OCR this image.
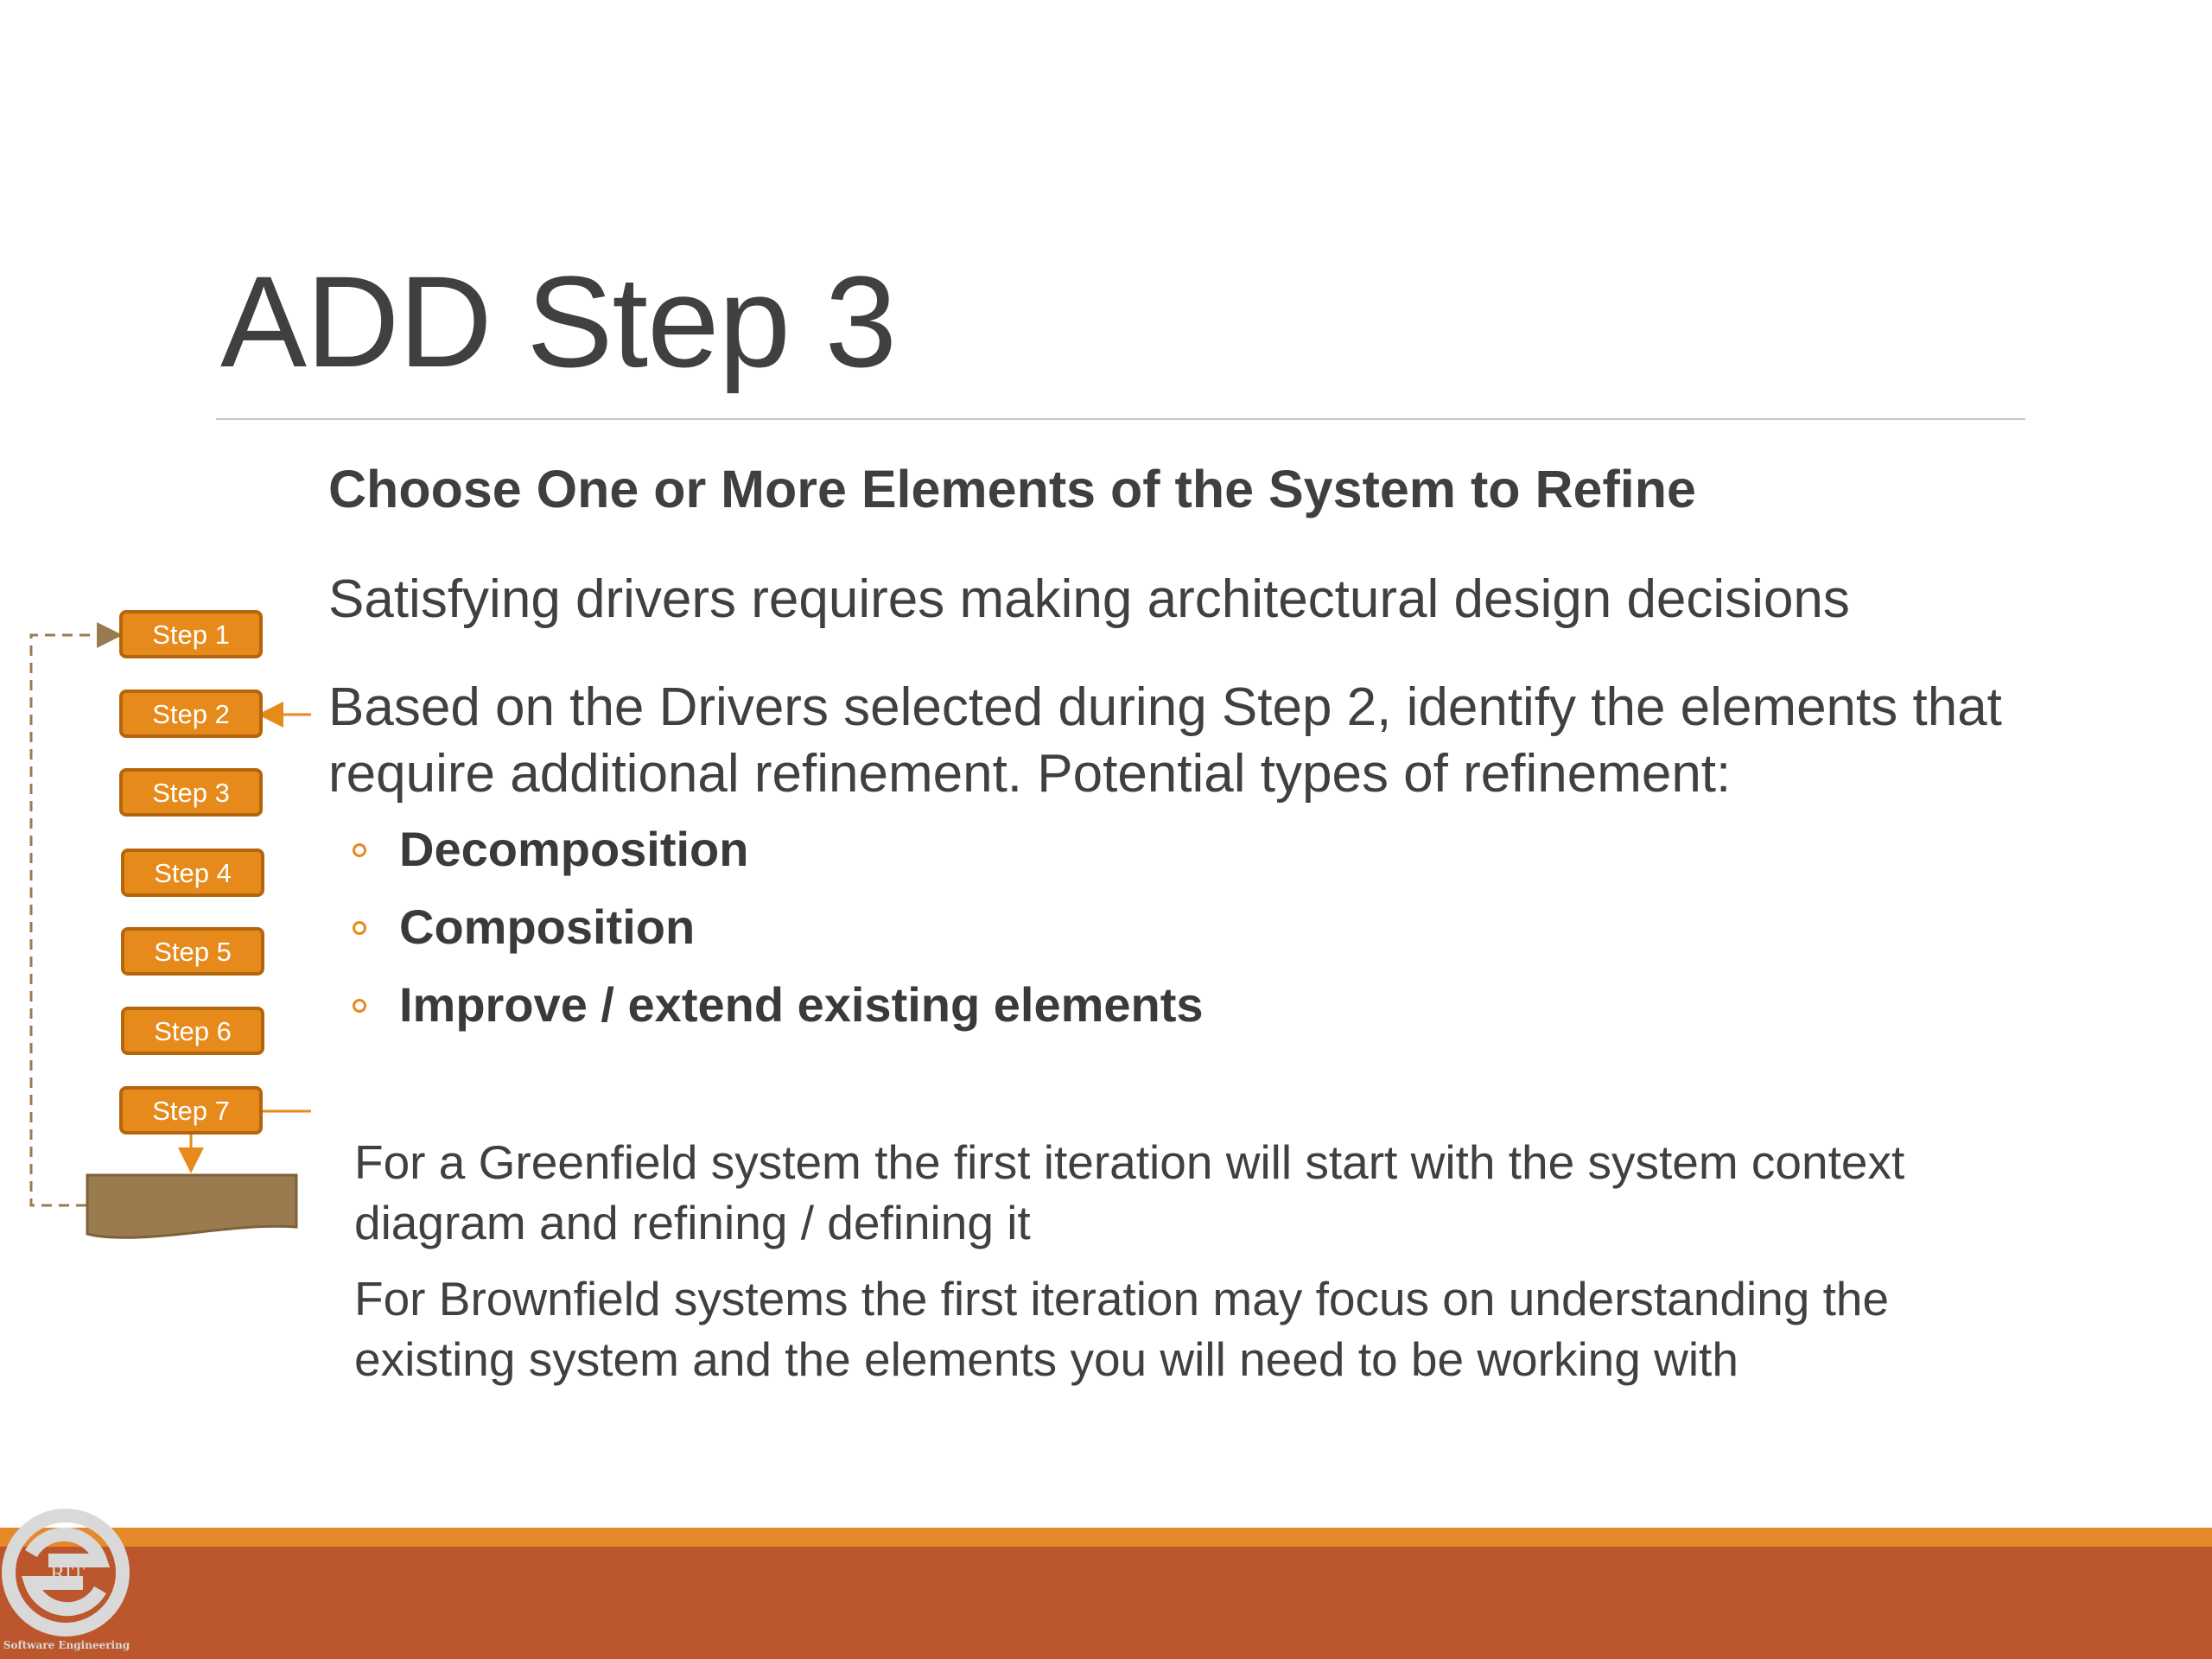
ADD Step 3
Choose One or More Elements of the System to Refine
Satisfying drivers requires making architectural design decisions
Based on the Drivers selected during Step 2, identify the elements that
require additional refinement. Potential types of refinement:
Decomposition
Composition
Improve / extend existing elements
For a Greenfield system the first iteration will start with the system context
diagram and refining / defining it
For Brownfield systems the first iteration may focus on understanding the
existing system and the elements you will need to be working with
Step 1
Step 2
Step 3
Step 4
Step 5
Step 6
Step 7
RIT
Software Engineering
